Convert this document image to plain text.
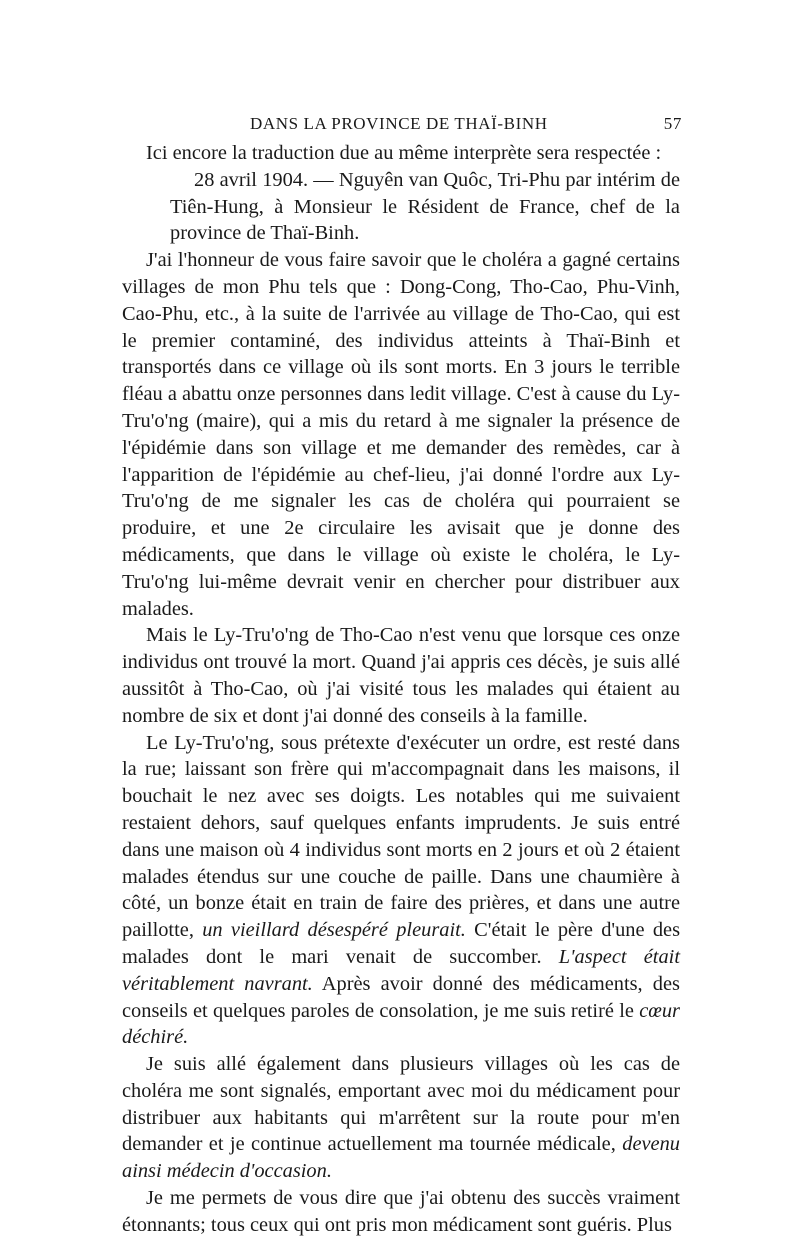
DANS LA PROVINCE DE THAÏ-BINH	57

Ici encore la traduction due au même interprète sera respectée :

28 avril 1904. — Nguyên van Quôc, Tri-Phu par intérim de Tiên-Hung, à Monsieur le Résident de France, chef de la province de Thaï-Binh.

J'ai l'honneur de vous faire savoir que le choléra a gagné certains villages de mon Phu tels que : Dong-Cong, Tho-Cao, Phu-Vinh, Cao-Phu, etc., à la suite de l'arrivée au village de Tho-Cao, qui est le premier contaminé, des individus atteints à Thaï-Binh et transportés dans ce village où ils sont morts. En 3 jours le terrible fléau a abattu onze personnes dans ledit village. C'est à cause du Ly-Tru'o'ng (maire), qui a mis du retard à me signaler la présence de l'épidémie dans son village et me demander des remèdes, car à l'apparition de l'épidémie au chef-lieu, j'ai donné l'ordre aux Ly-Tru'o'ng de me signaler les cas de choléra qui pourraient se produire, et une 2e circulaire les avisait que je donne des médicaments, que dans le village où existe le choléra, le Ly-Tru'o'ng lui-même devrait venir en chercher pour distribuer aux malades.

Mais le Ly-Tru'o'ng de Tho-Cao n'est venu que lorsque ces onze individus ont trouvé la mort. Quand j'ai appris ces décès, je suis allé aussitôt à Tho-Cao, où j'ai visité tous les malades qui étaient au nombre de six et dont j'ai donné des conseils à la famille.

Le Ly-Tru'o'ng, sous prétexte d'exécuter un ordre, est resté dans la rue; laissant son frère qui m'accompagnait dans les maisons, il bouchait le nez avec ses doigts. Les notables qui me suivaient restaient dehors, sauf quelques enfants imprudents. Je suis entré dans une maison où 4 individus sont morts en 2 jours et où 2 étaient malades étendus sur une couche de paille. Dans une chaumière à côté, un bonze était en train de faire des prières, et dans une autre paillotte, un vieillard désespéré pleurait. C'était le père d'une des malades dont le mari venait de succomber. L'aspect était véritablement navrant. Après avoir donné des médicaments, des conseils et quelques paroles de consolation, je me suis retiré le cœur déchiré.

Je suis allé également dans plusieurs villages où les cas de choléra me sont signalés, emportant avec moi du médicament pour distribuer aux habitants qui m'arrêtent sur la route pour m'en demander et je continue actuellement ma tournée médicale, devenu ainsi médecin d'occasion.

Je me permets de vous dire que j'ai obtenu des succès vraiment étonnants; tous ceux qui ont pris mon médicament sont guéris. Plus
